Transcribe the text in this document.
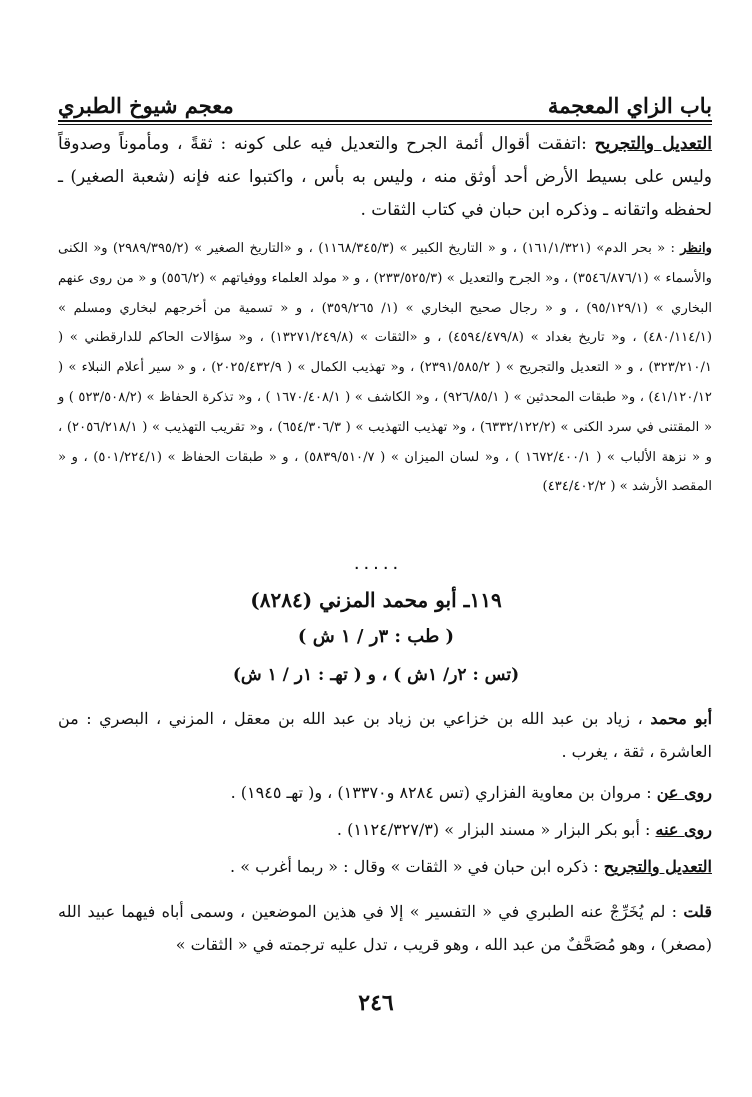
باب الزاي المعجمة
معجم شيوخ الطبري
التعديل والتجريح :اتفقت أقوال أئمة الجرح والتعديل فيه على كونه : ثقةً ، ومأموناً وصدوقاً وليس على بسيط الأرض أحد أوثق منه ، وليس به بأس ، واكتبوا عنه فإنه (شعبة الصغير) ـ لحفظه واتقانه ـ وذكره ابن حبان في كتاب الثقات .
وانظر : « بحر الدم» (١٦١/١/٣٢١) ، و « التاريخ الكبير » (١١٦٨/٣٤٥/٣) ، و «التاريخ الصغير » (٢٩٨٩/٣٩٥/٢) و« الكنى والأسماء » (٣٥٤٦/٨٧٦/١) ، و« الجرح والتعديل » (٢٣٣/٥٢٥/٣) ، و « مولد العلماء ووفياتهم » (٥٥٦/٢) و « من روى عنهم البخاري » (٩٥/١٢٩/١) ، و « رجال صحيح البخاري » (١/ ٣٥٩/٢٦٥) ، و « تسمية من أخرجهم لبخاري ومسلم » (٤٨٠/١١٤/١) ، و« تاريخ بغداد » (٤٥٩٤/٤٧٩/٨) ، و «الثقات » (١٣٢٧١/٢٤٩/٨) ، و« سؤالات الحاكم للدارقطني » ( ٣٢٣/٢١٠/١) ، و « التعديل والتجريح » ( ٢٣٩١/٥٨٥/٢) ، و« تهذيب الكمال » ( ٢٠٢٥/٤٣٢/٩) ، و « سير أعلام النبلاء » ( ٤١/١٢٠/١٢) ، و« طبقات المحدثين » ( ٩٢٦/٨٥/١) ، و« الكاشف » ( ١٦٧٠/٤٠٨/١ ) ، و« تذكرة الحفاظ » (٥٢٣/٥٠٨/٢ ) و « المقتنى في سرد الكنى » (٦٣٣٢/١٢٢/٢) ، و« تهذيب التهذيب » ( ٦٥٤/٣٠٦/٣) ، و« تقريب التهذيب » ( ٢٠٥٦/٢١٨/١) ، و « نزهة الألباب » ( ١٦٧٢/٤٠٠/١ ) ، و« لسان الميزان » ( ٥٨٣٩/٥١٠/٧) ، و « طبقات الحفاظ » (٥٠١/٢٢٤/١) ، و « المقصد الأرشد » ( ٤٣٤/٤٠٢/٢)
٠٠٠٠٠
١١٩ـ أبو محمد المزني (٨٢٨٤)
( طب : ٣ر / ١ ش )
(تس : ٢ر/ ١ش ) ، و ( تهـ : ١ر / ١ ش)
أبو محمد ، زياد بن عبد الله بن خزاعي بن زياد بن عبد الله بن معقل ، المزني ، البصري : من العاشرة ، ثقة ، يغرب .
روى عن : مروان بن معاوية الفزاري (تس ٨٢٨٤ و١٣٣٧٠) ، و( تهـ ١٩٤٥) .
روى عنه : أبو بكر البزار « مسند البزار » (١١٢٤/٣٢٧/٣) .
التعديل والتجريح : ذكره ابن حبان في « الثقات » وقال : « ربما أغرب » .
قلت : لم يُخَرِّجْ عنه الطبري في « التفسير » إلا في هذين الموضعين ، وسمى أباه فيهما عبيد الله (مصغر) ، وهو مُصَحَّفٌ من عبد الله ، وهو قريب ، تدل عليه ترجمته في « الثقات »
٢٤٦
